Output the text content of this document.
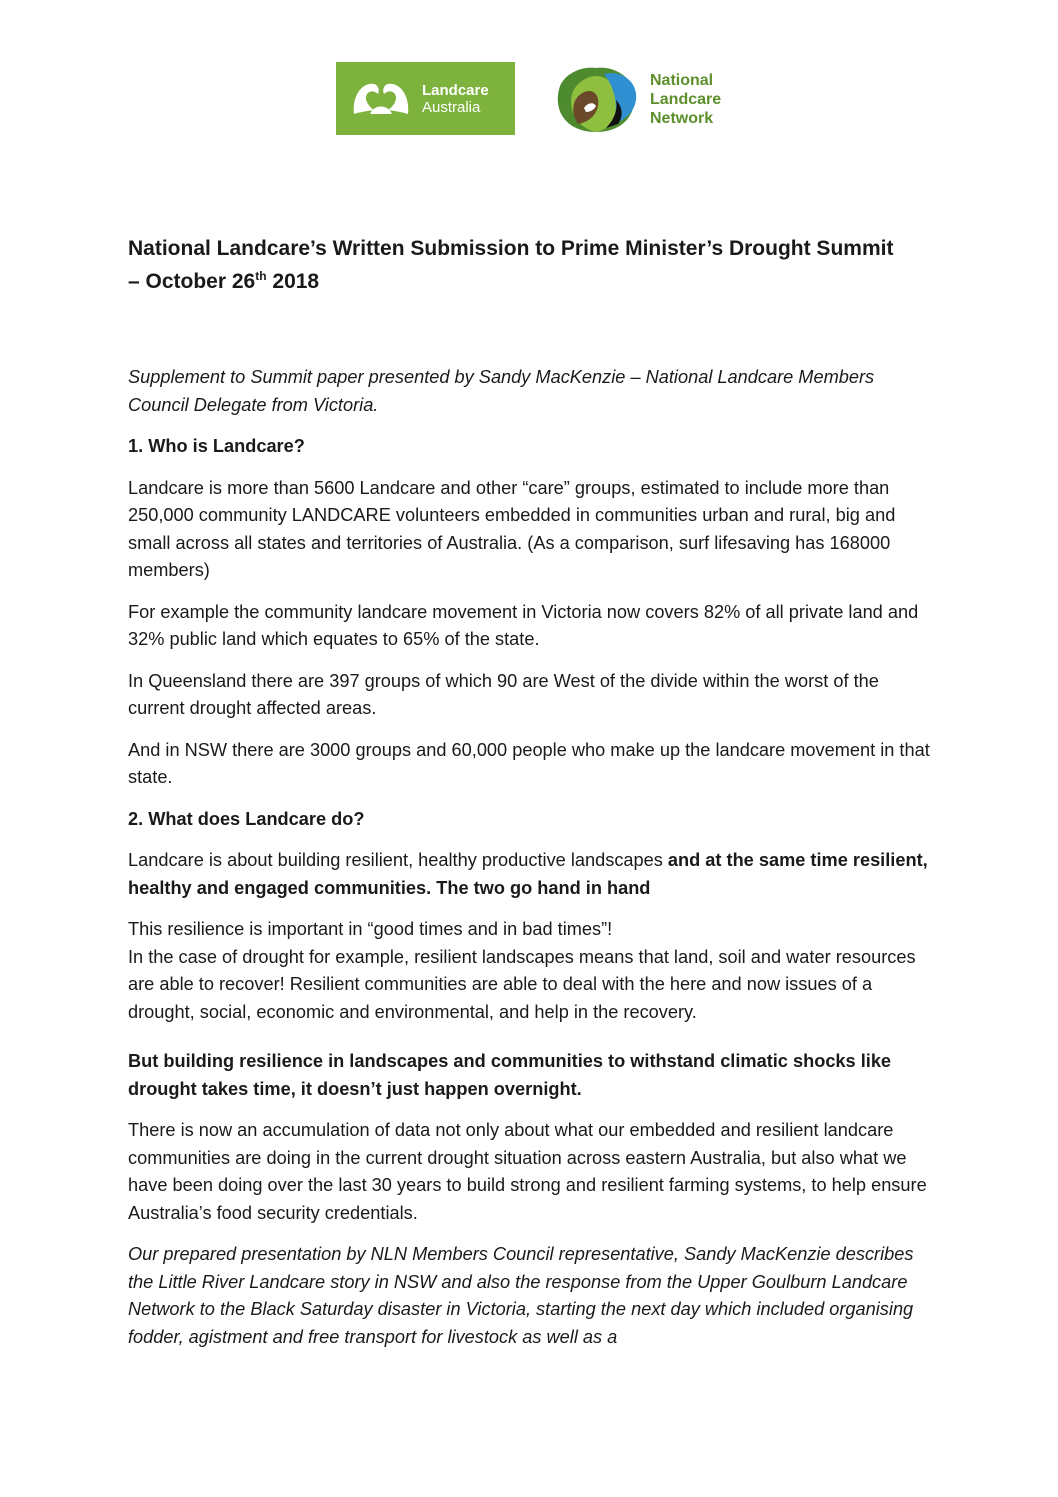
Landcare
Australia
National
Landcare
Network
National Landcare’s Written Submission to Prime Minister’s Drought Summit
– October 26th 2018

Supplement to Summit paper presented by Sandy MacKenzie – National Landcare Members Council Delegate from Victoria.

1. Who is Landcare?

Landcare is more than 5600 Landcare and other “care” groups, estimated to include more than 250,000 community LANDCARE volunteers embedded in communities urban and rural, big and small across all states and territories of Australia. (As a comparison, surf lifesaving has 168000 members)

For example the community landcare movement in Victoria now covers 82% of all private land and 32% public land which equates to 65% of the state.

In Queensland there are 397 groups of which 90 are West of the divide within the worst of the current drought affected areas.

And in NSW there are 3000 groups and 60,000 people who make up the landcare movement in that state.

2. What does Landcare do?

Landcare is about building resilient, healthy productive landscapes and at the same time resilient, healthy and engaged communities. The two go hand in hand

This resilience is important in “good times and in bad times”!
In the case of drought for example, resilient landscapes means that land, soil and water resources are able to recover! Resilient communities are able to deal with the here and now issues of a drought, social, economic and environmental, and help in the recovery.

But building resilience in landscapes and communities to withstand climatic shocks like drought takes time, it doesn’t just happen overnight.

There is now an accumulation of data not only about what our embedded and resilient landcare communities are doing in the current drought situation across eastern Australia, but also what we have been doing over the last 30 years to build strong and resilient farming systems, to help ensure Australia’s food security credentials.

Our prepared presentation by NLN Members Council representative, Sandy MacKenzie describes the Little River Landcare story in NSW and also the response from the Upper Goulburn Landcare Network to the Black Saturday disaster in Victoria, starting the next day which included organising fodder, agistment and free transport for livestock as well as a
